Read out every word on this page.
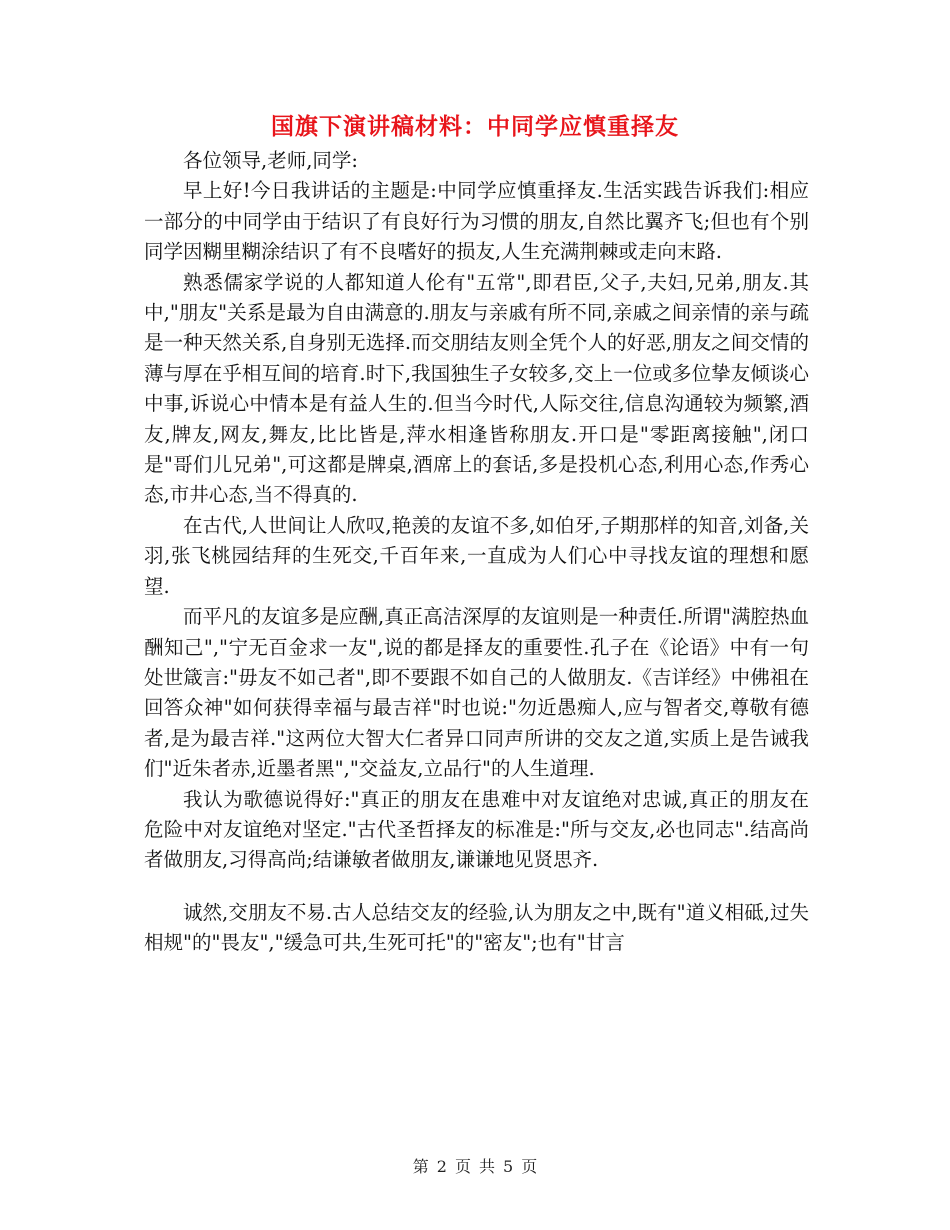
国旗下演讲稿材料：中同学应慎重择友

各位领导,老师,同学:

早上好!今日我讲话的主题是:中同学应慎重择友.生活实践告诉我们:相应一部分的中同学由于结识了有良好行为习惯的朋友,自然比翼齐飞;但也有个别同学因糊里糊涂结识了有不良嗜好的损友,人生充满荆棘或走向末路.

熟悉儒家学说的人都知道人伦有"五常",即君臣,父子,夫妇,兄弟,朋友.其中,"朋友"关系是最为自由满意的.朋友与亲戚有所不同,亲戚之间亲情的亲与疏是一种天然关系,自身别无选择.而交朋结友则全凭个人的好恶,朋友之间交情的薄与厚在乎相互间的培育.时下,我国独生子女较多,交上一位或多位挚友倾谈心中事,诉说心中情本是有益人生的.但当今时代,人际交往,信息沟通较为频繁,酒友,牌友,网友,舞友,比比皆是,萍水相逢皆称朋友.开口是"零距离接触",闭口是"哥们儿兄弟",可这都是牌桌,酒席上的套话,多是投机心态,利用心态,作秀心态,市井心态,当不得真的.

在古代,人世间让人欣叹,艳羡的友谊不多,如伯牙,子期那样的知音,刘备,关羽,张飞桃园结拜的生死交,千百年来,一直成为人们心中寻找友谊的理想和愿望.

而平凡的友谊多是应酬,真正高洁深厚的友谊则是一种责任.所谓"满腔热血酬知己","宁无百金求一友",说的都是择友的重要性.孔子在《论语》中有一句处世箴言:"毋友不如己者",即不要跟不如自己的人做朋友.《吉详经》中佛祖在回答众神"如何获得幸福与最吉祥"时也说:"勿近愚痴人,应与智者交,尊敬有德者,是为最吉祥."这两位大智大仁者异口同声所讲的交友之道,实质上是告诫我们"近朱者赤,近墨者黑","交益友,立品行"的人生道理.

我认为歌德说得好:"真正的朋友在患难中对友谊绝对忠诚,真正的朋友在危险中对友谊绝对坚定."古代圣哲择友的标准是:"所与交友,必也同志".结高尚者做朋友,习得高尚;结谦敏者做朋友,谦谦地见贤思齐.

诚然,交朋友不易.古人总结交友的经验,认为朋友之中,既有"道义相砥,过失相规"的"畏友","缓急可共,生死可托"的"密友";也有"甘言

第 2 页 共 5 页
